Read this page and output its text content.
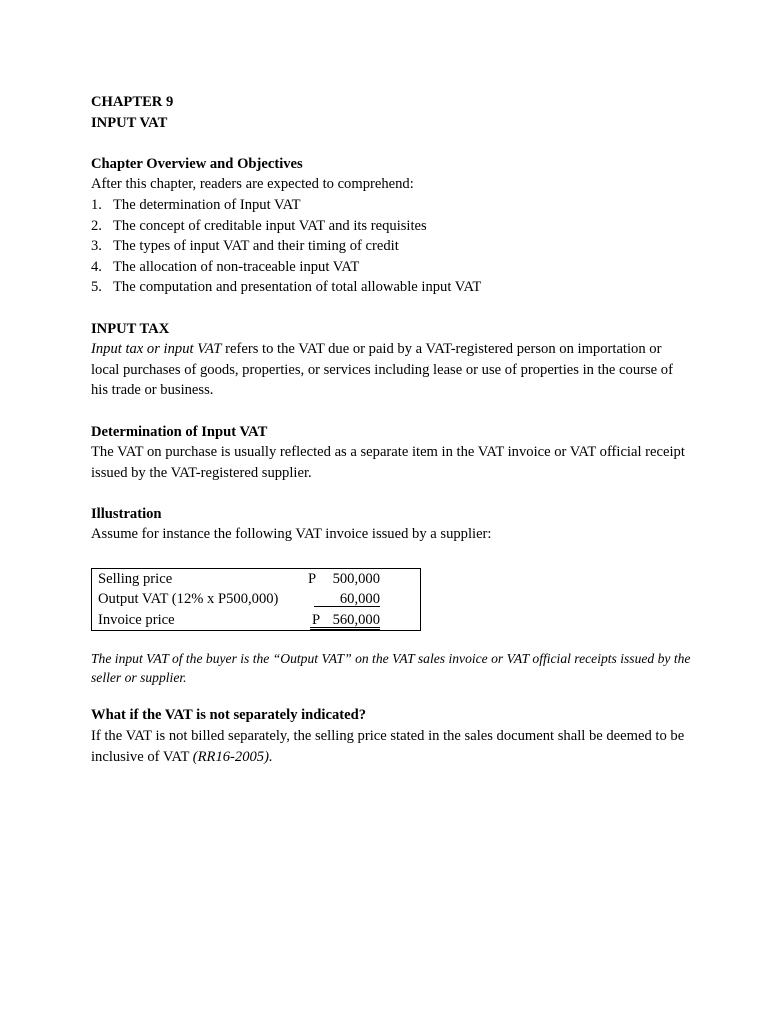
CHAPTER 9

INPUT VAT

Chapter Overview and Objectives

After this chapter, readers are expected to comprehend:

1. The determination of Input VAT
2. The concept of creditable input VAT and its requisites
3. The types of input VAT and their timing of credit
4. The allocation of non-traceable input VAT
5. The computation and presentation of total allowable input VAT

INPUT TAX

Input tax or input VAT refers to the VAT due or paid by a VAT-registered person on importation or local purchases of goods, properties, or services including lease or use of properties in the course of his trade or business.

Determination of Input VAT

The VAT on purchase is usually reflected as a separate item in the VAT invoice or VAT official receipt issued by the VAT-registered supplier.

Illustration

Assume for instance the following VAT invoice issued by a supplier:

Selling price	P 500,000

Output VAT (12% x P500,000)	60,000

Invoice price	P 560,000

The input VAT of the buyer is the “Output VAT” on the VAT sales invoice or VAT official receipts issued by the seller or supplier.

What if the VAT is not separately indicated?

If the VAT is not billed separately, the selling price stated in the sales document shall be deemed to be inclusive of VAT (RR16-2005).
